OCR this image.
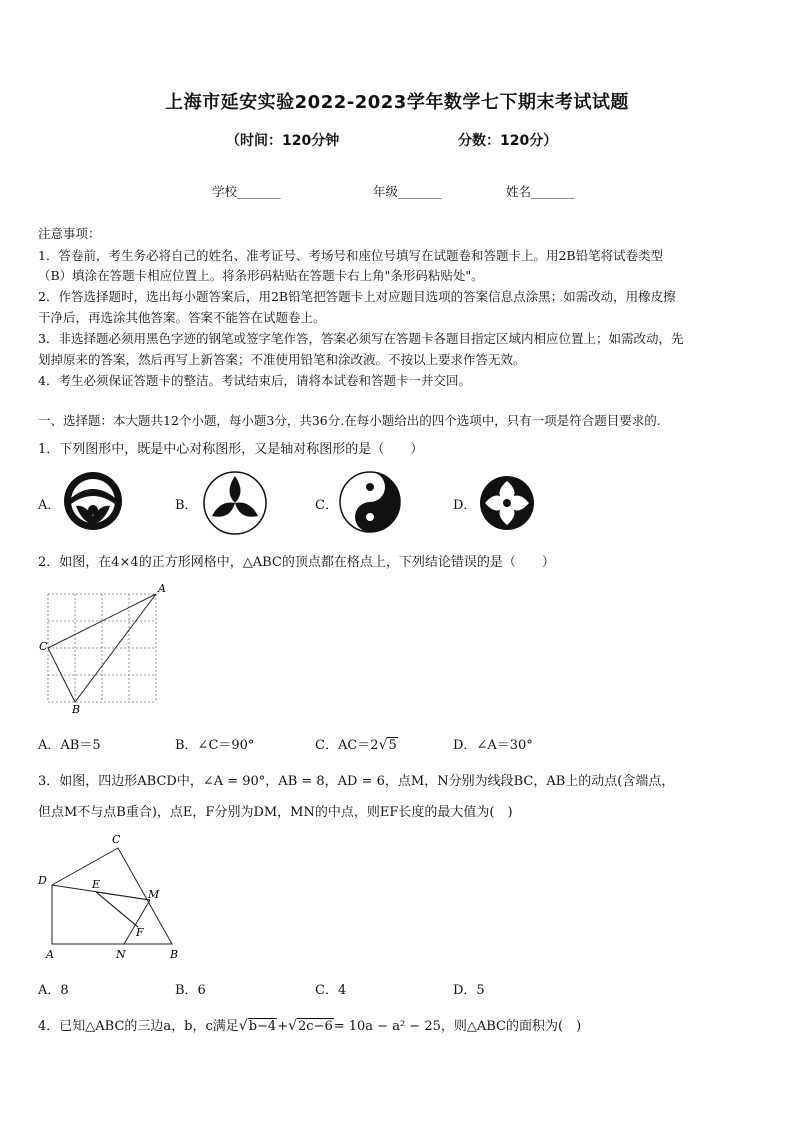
上海市延安实验2022-2023学年数学七下期末考试试题
（时间：120分钟	分数：120分）
学校_______	年级_______	姓名_______
注意事项：
1．答卷前，考生务必将自己的姓名、准考证号、考场号和座位号填写在试题卷和答题卡上。用2B铅笔将试卷类型
（B）填涂在答题卡相应位置上。将条形码粘贴在答题卡右上角"条形码粘贴处"。
2．作答选择题时，选出每小题答案后，用2B铅笔把答题卡上对应题目选项的答案信息点涂黑；如需改动，用橡皮擦
干净后，再选涂其他答案。答案不能答在试题卷上。
3．非选择题必须用黑色字迹的钢笔或签字笔作答，答案必须写在答题卡各题目指定区域内相应位置上；如需改动，先
划掉原来的答案，然后再写上新答案；不准使用铅笔和涂改液。不按以上要求作答无效。
4．考生必须保证答题卡的整洁。考试结束后，请将本试卷和答题卡一并交回。
一、选择题：本大题共12个小题，每小题3分，共36分.在每小题给出的四个选项中，只有一项是符合题目要求的.
1．下列图形中，既是中心对称图形，又是轴对称图形的是（　　）
A．	B．	C．	D．
2．如图，在4×4的正方形网格中，△ABC的顶点都在格点上，下列结论错误的是（　　）
A
C
B
A．AB＝5	B．∠C＝90°	C．AC＝2√5	D．∠A＝30°
3．如图，四边形ABCD中，∠A = 90°，AB = 8，AD = 6，点M，N分别为线段BC，AB上的动点(含端点，
但点M不与点B重合)，点E，F分别为DM，MN的中点，则EF长度的最大值为(　)
C
D	E
M
F
A	N	B
A．8	B．6	C．4	D．5
4．已知△ABC的三边a，b，c满足√b−4+√2c−6= 10a − a² − 25，则△ABC的面积为(　)
